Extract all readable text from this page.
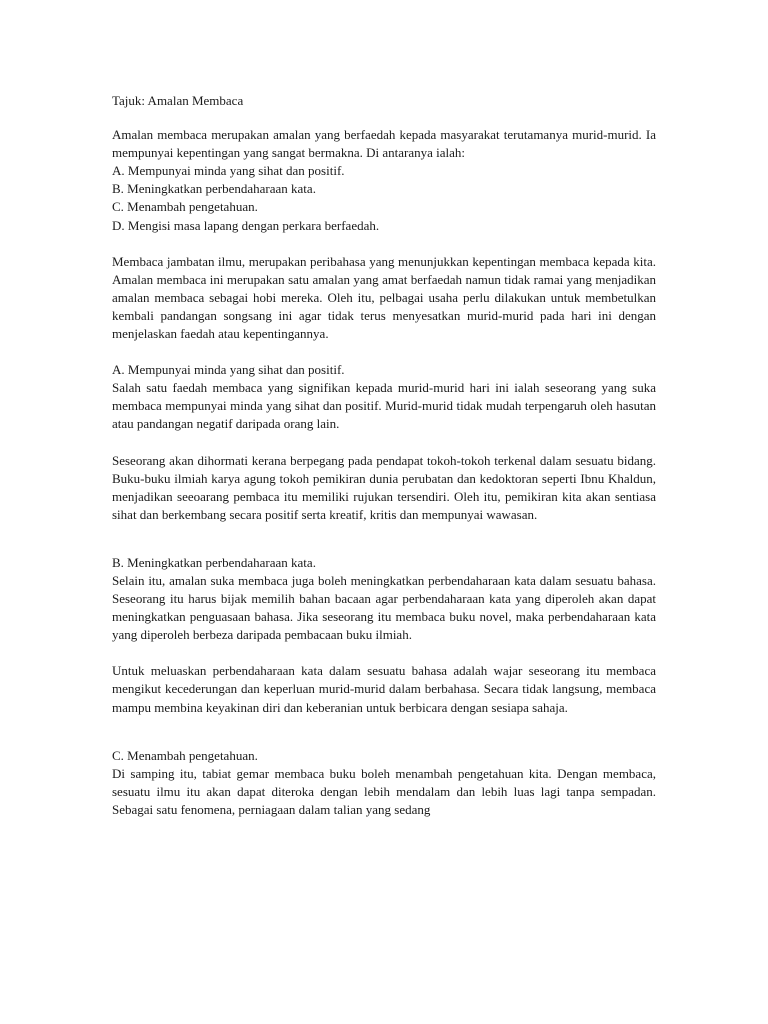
Tajuk: Amalan Membaca

Amalan membaca merupakan amalan yang berfaedah kepada masyarakat terutamanya murid-murid. Ia mempunyai kepentingan yang sangat bermakna. Di antaranya ialah:

A. Mempunyai minda yang sihat dan positif.
B. Meningkatkan perbendaharaan kata.
C. Menambah pengetahuan.
D. Mengisi masa lapang dengan perkara berfaedah.

Membaca jambatan ilmu, merupakan peribahasa yang menunjukkan kepentingan membaca kepada kita. Amalan membaca ini merupakan satu amalan yang amat berfaedah namun tidak ramai yang menjadikan amalan membaca sebagai hobi mereka. Oleh itu, pelbagai usaha perlu dilakukan untuk membetulkan kembali pandangan songsang ini agar tidak terus menyesatkan murid-murid pada hari ini dengan menjelaskan faedah atau kepentingannya.

A. Mempunyai minda yang sihat dan positif.

Salah satu faedah membaca yang signifikan kepada murid-murid hari ini ialah seseorang yang suka membaca mempunyai minda yang sihat dan positif. Murid-murid tidak mudah terpengaruh oleh hasutan atau pandangan negatif daripada orang lain.

Seseorang akan dihormati kerana berpegang pada pendapat tokoh-tokoh terkenal dalam sesuatu bidang. Buku-buku ilmiah karya agung tokoh pemikiran dunia perubatan dan kedoktoran seperti Ibnu Khaldun, menjadikan seeoarang pembaca itu memiliki rujukan tersendiri. Oleh itu, pemikiran kita akan sentiasa sihat dan berkembang secara positif serta kreatif, kritis dan mempunyai wawasan.

B. Meningkatkan perbendaharaan kata.

Selain itu, amalan suka membaca juga boleh meningkatkan perbendaharaan kata dalam sesuatu bahasa. Seseorang itu harus bijak memilih bahan bacaan agar perbendaharaan kata yang diperoleh akan dapat meningkatkan penguasaan bahasa. Jika seseorang itu membaca buku novel, maka perbendaharaan kata yang diperoleh berbeza daripada pembacaan buku ilmiah.

Untuk meluaskan perbendaharaan kata dalam sesuatu bahasa adalah wajar seseorang itu membaca mengikut kecederungan dan keperluan murid-murid dalam berbahasa. Secara tidak langsung, membaca mampu membina keyakinan diri dan keberanian untuk berbicara dengan sesiapa sahaja.

C. Menambah pengetahuan.

Di samping itu, tabiat gemar membaca buku boleh menambah pengetahuan kita. Dengan membaca, sesuatu ilmu itu akan dapat diteroka dengan lebih mendalam dan lebih luas lagi tanpa sempadan. Sebagai satu fenomena, perniagaan dalam talian yang sedang
